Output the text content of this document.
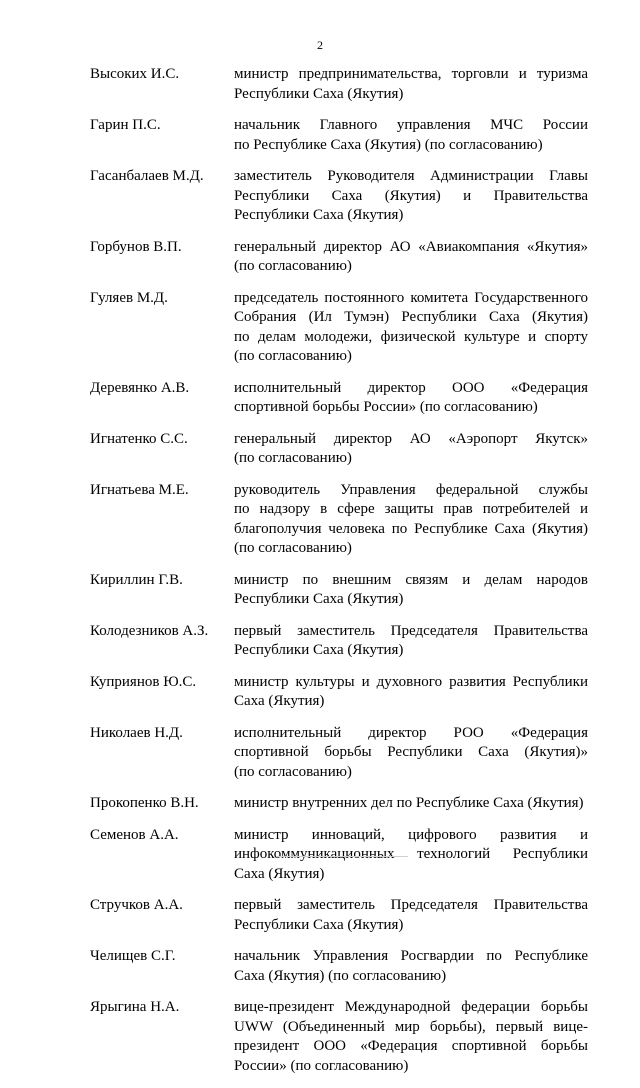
2
Высоких И.С.	министр предпринимательства, торговли и туризма
Республики Саха (Якутия)
Гарин П.С.	начальник Главного управления МЧС России
по Республике Саха (Якутия) (по согласованию)
Гасанбалаев М.Д.	заместитель Руководителя Администрации Главы
Республики Саха (Якутия) и Правительства
Республики Саха (Якутия)
Горбунов В.П.	генеральный директор АО «Авиакомпания «Якутия»
(по согласованию)
Гуляев М.Д.	председатель постоянного комитета Государственного
Собрания (Ил Тумэн) Республики Саха (Якутия)
по делам молодежи, физической культуре и спорту
(по согласованию)
Деревянко А.В.	исполнительный директор ООО «Федерация
спортивной борьбы России» (по согласованию)
Игнатенко С.С.	генеральный директор АО «Аэропорт Якутск»
(по согласованию)
Игнатьева М.Е.	руководитель Управления федеральной службы
по надзору в сфере защиты прав потребителей и
благополучия человека по Республике Саха (Якутия)
(по согласованию)
Кириллин Г.В.	министр по внешним связям и делам народов
Республики Саха (Якутия)
Колодезников А.З.	первый заместитель Председателя Правительства
Республики Саха (Якутия)
Куприянов Ю.С.	министр культуры и духовного развития Республики
Саха (Якутия)
Николаев Н.Д.	исполнительный директор РОО «Федерация
спортивной борьбы Республики Саха (Якутия)»
(по согласованию)
Прокопенко В.Н.	министр внутренних дел по Республике Саха (Якутия)
Семенов А.А.	министр инноваций, цифрового развития и
инфокоммуникационных технологий Республики
Саха (Якутия)
Стручков А.А.	первый заместитель Председателя Правительства
Республики Саха (Якутия)
Челищев С.Г.	начальник Управления Росгвардии по Республике
Саха (Якутия) (по согласованию)
Ярыгина Н.А.	вице-президент Международной федерации борьбы
UWW (Объединенный мир борьбы), первый вице-
президент ООО «Федерация спортивной борьбы
России» (по согласованию)
